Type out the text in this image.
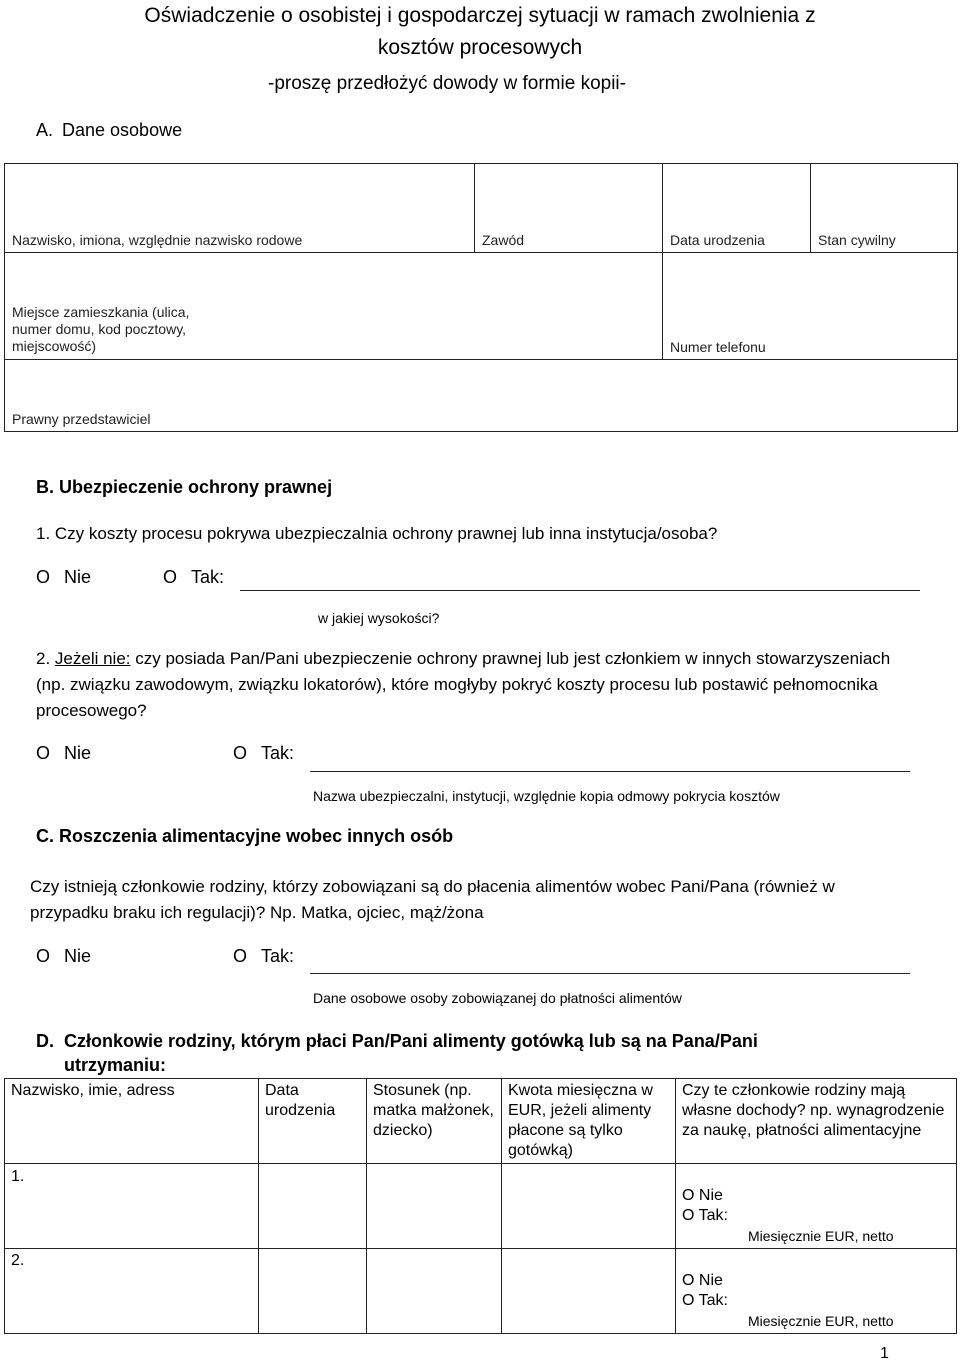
Oświadczenie o osobistej i gospodarczej sytuacji w ramach zwolnienia z
kosztów procesowych
-proszę przedłożyć dowody w formie kopii-
A. Dane osobowe
Nazwisko, imiona, względnie nazwisko rodowe	Zawód	Data urodzenia	Stan cywilny

Miejsce zamieszkania (ulica, numer domu, kod pocztowy, miejscowość)		Numer telefonu	
Prawny przedstawiciel			
B. Ubezpieczenie ochrony prawnej
1. Czy koszty procesu pokrywa ubezpieczalnia ochrony prawnej lub inna instytucja/osoba?
O Nie	O Tak:
w jakiej wysokości?
2. Jeżeli nie: czy posiada Pan/Pani ubezpieczenie ochrony prawnej lub jest członkiem w innych stowarzyszeniach (np. związku zawodowym, związku lokatorów), które mogłyby pokryć koszty procesu lub postawić pełnomocnika procesowego?
O Nie	O Tak:
Nazwa ubezpieczalni, instytucji, względnie kopia odmowy pokrycia kosztów
C. Roszczenia alimentacyjne wobec innych osób
Czy istnieją członkowie rodziny, którzy zobowiązani są do płacenia alimentów wobec Pani/Pana (również w przypadku braku ich regulacji)? Np. Matka, ojciec, mąż/żona
O Nie	O Tak:
Dane osobowe osoby zobowiązanej do płatności alimentów
D. Członkowie rodziny, którym płaci Pan/Pani alimenty gotówką lub są na Pana/Pani
utrzymaniu:
Nazwisko, imie, adress	Data urodzenia	Stosunek (np. matka małżonek, dziecko)	Kwota miesięczna w EUR, jeżeli alimenty płacone są tylko gotówką)	Czy te członkowie rodziny mają własne dochody? np. wynagrodzenie za naukę, płatności alimentacyjne

1.				O Nie
O Tak:
Miesięcznie EUR, netto

2.				O Nie
O Tak:
Miesięcznie EUR, netto
1
